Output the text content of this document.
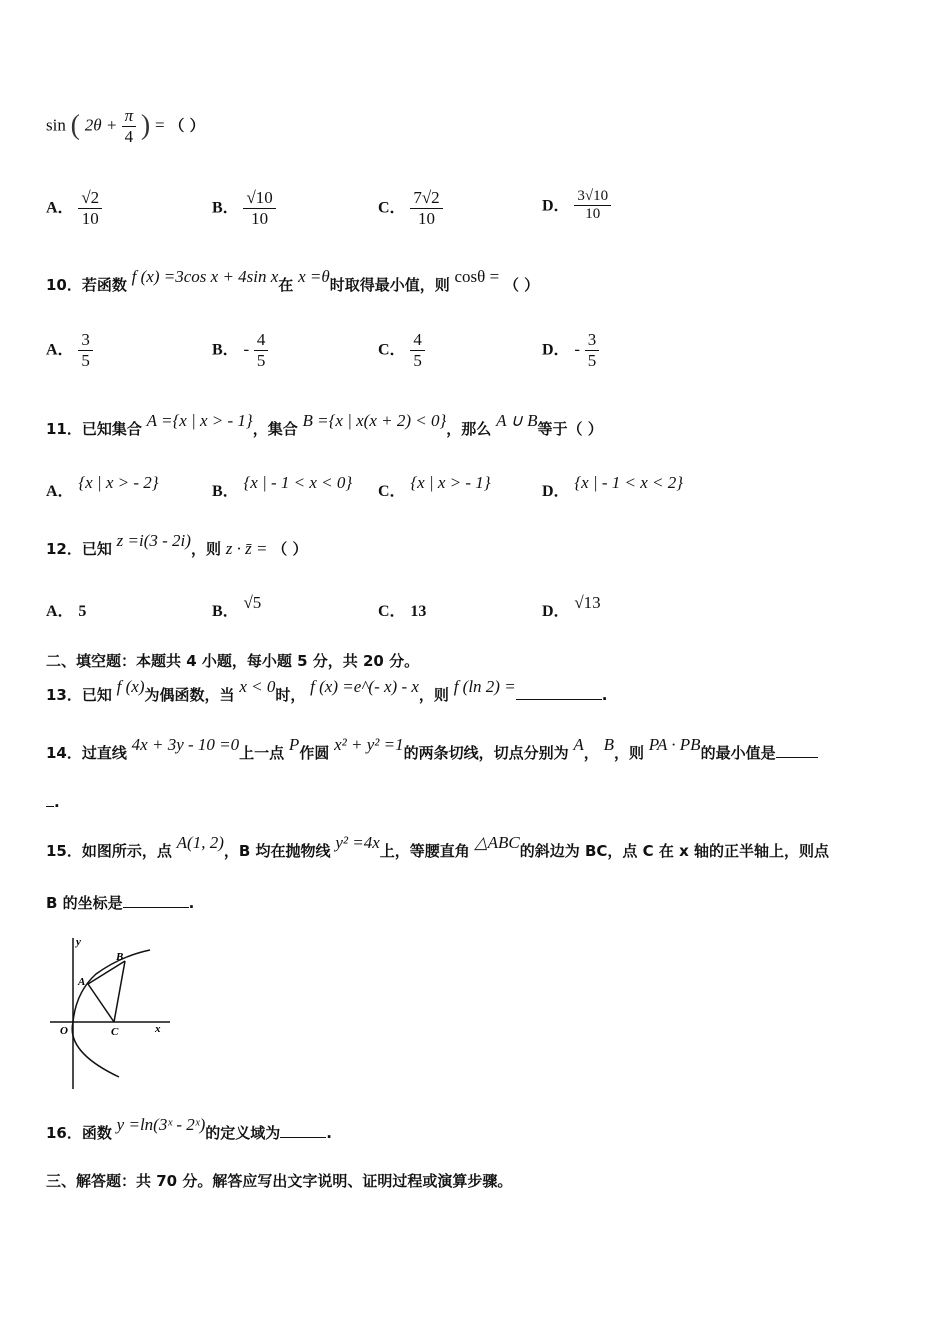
sin ( $2\theta + \frac{\pi}{4}$ ) = （ ）
A． $\frac{√2}{10}$	B． $\frac{√10}{10}$	C． $\frac{7√2}{10}$	D． $\frac{3√10}{10}$
10．若函数 f (x) =3cos x + 4sin x在 x =θ时取得最小值，则 cosθ = （ ）
A． $\frac{3}{5}$	B． - $\frac{4}{5}$	C． $\frac{4}{5}$	D． - $\frac{3}{5}$
11．已知集合 A ={x | x > - 1}，集合 B ={x | x(x + 2) < 0}，那么 A ∪ B等于（ ）
A． {x | x > - 2}	B． {x | - 1 < x < 0} C． {x | x > - 1}	D． {x | - 1 < x < 2}
12．已知 z =i(3 - 2i)，则 z · z̄ = （ ）
A． 5	B． √5	C． 13	D． √13
二、填空题：本题共 4 小题，每小题 5 分，共 20 分。
13．已知 f (x)为偶函数，当 x < 0时， f (x) =e^(- x) - x，则 f (ln 2) =	.
14．过直线 4x + 3y - 10 =0上一点 P作圆 x² + y² =1的两条切线，切点分别为 A， B，则 PA · PB的最小值是
.
15．如图所示，点 A(1, 2)，B 均在抛物线 y² =4x上，等腰直角 △ABC的斜边为 BC，点 C 在 x 轴的正半轴上，则点
B 的坐标是	.
y
B
A
O	C	x
16．函数 y =ln(3ˣ - 2ˣ)的定义域为	.
三、解答题：共 70 分。解答应写出文字说明、证明过程或演算步骤。
